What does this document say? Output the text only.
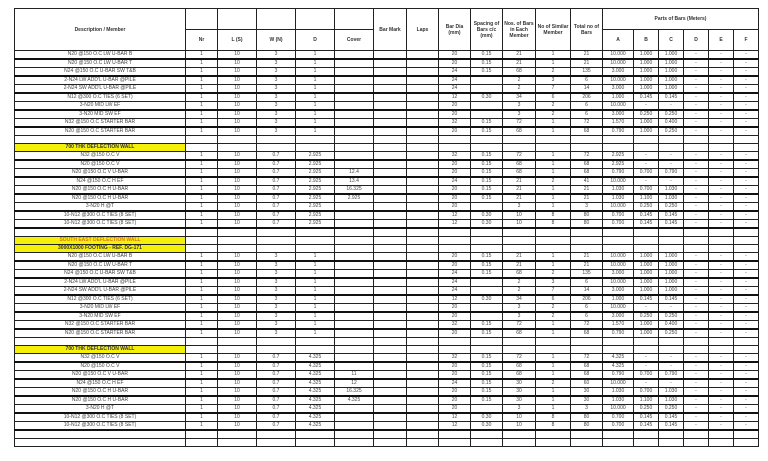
Description / Member						Bar Mark	Laps	Bar Dia (mm)	Spacing of Bars c/c (mm)	Nos. of Bars in Each Member	No of Similar Member	Total no of Bars	Parts of Bars (Meters)					
	Nr	L (S)	W (N)	D	Cover								A	B	C	D	E	F
N20 @150 O.C LW U-BAR B	1	10	3	1				20	0.15	21	1	21	10.000	1.000	1.000	-	-	-
N20 @150 O.C LW U-BAR T	1	10	3	1				20	0.15	21	1	21	10.000	1.000	1.000	-	-	-
N24 @150 O.C U-BAR SW T&B	1	10	3	1				24	0.15	68	2	135	3.000	1.000	1.000	-	-	-
2-N24 LW ADD'L U-BAR @PILE	1	10	3	1				24		2	3	6	10.000	1.000	1.000	-	-	-
2-N24 SW ADD'L U-BAR @PILE	1	10	3	1				24		2	7	14	3.000	1.000	1.000	-	-	-
N12 @300 O.C TIES (6 SET)	1	10	3	1				12	0.30	34	6	206	1.000	0.145	0.145	-	-	-
3-N20 MID LW EF	1	10	3	1				20		3	2	6	10.000	-	-	-	-	-
3-N20 MID SW EF	1	10	3	1				20		3	2	6	3.000	0.250	0.250	-	-	-
N32 @150 O.C STARTER BAR	1	10	3	1				32	0.15	72	1	72	1.570	1.000	0.400	-	-	-
N20 @150 O.C STARTER BAR	1	10	3	1				20	0.15	68	1	68	0.790	1.000	0.250	-	-	-

700 THK DEFLECTION WALL																		
N32 @150 O.C V	1	10	0.7	2.925				32	0.15	72	1	72	2.925	-	-	-	-	-
N20 @150 O.C V	1	10	0.7	2.925				20	0.15	68	1	68	2.925	-	-	-	-	-
N20 @150 O.C V U-BAR	1	10	0.7	2.925	12.4			20	0.15	68	1	68	0.790	0.700	0.790	-	-	-
N24 @150 O.C H EF	1	10	0.7	2.925	13.4			24	0.15	21	2	41	10.000	-	-	-	-	-
N20 @150 O.C H U-BAR	1	10	0.7	2.925	16.325			20	0.15	21	1	21	1.030	0.700	1.030	-	-	-
N20 @150 O.C H U-BAR	1	10	0.7	2.925	2.925			20	0.15	21	1	21	1.030	1.100	1.030	-	-	-
3-N20 H @T	1	10	0.7	2.925				20		3	1	3	10.000	0.250	0.250	-	-	-
10-N12 @300 O.C TIES (8 SET)	1	10	0.7	2.925				12	0.30	10	8	80	0.700	0.145	0.145	-	-	-
10-N12 @300 O.C TIES (8 SET)	1	10	0.7	2.925				12	0.30	10	8	80	0.700	0.145	0.145	-	-	-

SOUTH EAST DEFLECTION WALL																		
3000X1000 FOOTING - REF. DG-171																		
N20 @150 O.C LW U-BAR B	1	10	3	1				20	0.15	21	1	21	10.000	1.000	1.000	-	-	-
N20 @150 O.C LW U-BAR T	1	10	3	1				20	0.15	21	1	21	10.000	1.000	1.000	-	-	-
N24 @150 O.C U-BAR SW T&B	1	10	3	1				24	0.15	68	2	135	3.000	1.000	1.000	-	-	-
2-N24 LW ADD'L U-BAR @PILE	1	10	3	1				24		2	3	6	10.000	1.000	1.000	-	-	-
2-N24 SW ADD'L U-BAR @PILE	1	10	3	1				24		2	7	14	3.000	1.000	1.000	-	-	-
N12 @300 O.C TIES (6 SET)	1	10	3	1				12	0.30	34	6	206	1.000	0.145	0.145	-	-	-
3-N20 MID LW EF	1	10	3	1				20		3	2	6	10.000	-	-	-	-	-
3-N20 MID SW EF	1	10	3	1				20		3	2	6	3.000	0.250	0.250	-	-	-
N32 @150 O.C STARTER BAR	1	10	3	1				32	0.15	72	1	72	1.570	1.000	0.400	-	-	-
N20 @150 O.C STARTER BAR	1	10	3	1				20	0.15	68	1	68	0.790	1.000	0.250	-	-	-

700 THK DEFLECTION WALL																		
N32 @150 O.C V	1	10	0.7	4.325				32	0.15	72	1	72	4.325	-	-	-	-	-
N20 @150 O.C V	1	10	0.7	4.325				20	0.15	68	1	68	4.325	-	-	-	-	-
N20 @150 O.C V U-BAR	1	10	0.7	4.325	11			20	0.15	68	1	68	0.790	0.700	0.790	-	-	-
N24 @150 O.C H EF	1	10	0.7	4.325	12			24	0.15	30	2	60	10.000	-	-	-	-	-
N20 @150 O.C H U-BAR	1	10	0.7	4.325	16.325			20	0.15	30	1	30	1.030	0.700	1.030	-	-	-
N20 @150 O.C H U-BAR	1	10	0.7	4.325	4.325			20	0.15	30	1	30	1.030	1.100	1.030	-	-	-
3-N20 H @T	1	10	0.7	4.325				20		3	1	3	10.000	0.250	0.250	-	-	-
10-N12 @300 O.C TIES (8 SET)	1	10	0.7	4.325				12	0.30	10	8	80	0.700	0.145	0.145	-	-	-
10-N12 @300 O.C TIES (8 SET)	1	10	0.7	4.325				12	0.30	10	8	80	0.700	0.145	0.145	-	-	-
